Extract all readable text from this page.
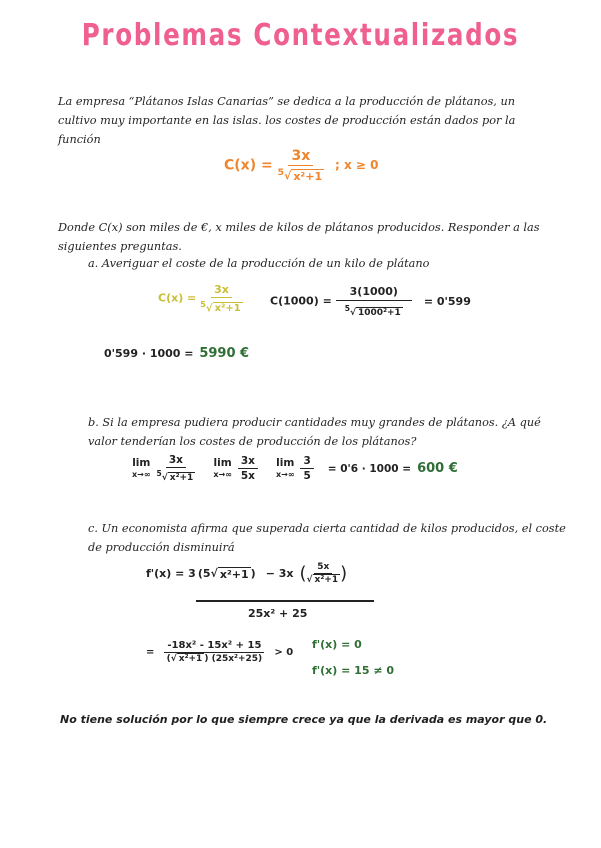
Problemas Contextualizados
La empresa “Plátanos Islas Canarias” se dedica a la producción de plátanos, un cultivo muy importante en las islas. los costes de producción están dados por la función
$C(x) = \frac{3x}{^5√ x^2+1}$ ; x ≥ 0
Donde C(x) son miles de €, x miles de kilos de plátanos producidos. Responder a las siguientes preguntas.
a. Averiguar el coste de la producción de un kilo de plátano
$C(x) = \frac{3x}{^5√ x^2+1} C(1000) = \frac{3(1000)}{^5√ 1000^2+1} = 0'599$
0'599 · 1000 = 5990 €
b. Si la empresa pudiera producir cantidades muy grandes de plátanos. ¿A qué valor tenderían los costes de producción de los plátanos?
lim
$x\to\infty \frac{3x}{^5√ x^2+1}$ lim
$x\to\infty \frac{3x}{5x}$ lim
$x\to\infty \frac{3}{5} = 0'6 \cdot 1000 = 600$ €
c. Un economista afirma que superada cierta cantidad de kilos producidos, el coste de producción disminuirá
f'(x) = 3 (5 √ x²+1 ) − 3x ( $\frac{5x}{\text{√ x²+1}}$ )
25x² + 25
= $\frac{\text{-18x² - 15x² + 15}}{\text{(√ x²+1 ) (25x²+25)}} > 0$
f'(x) = 0
f'(x) = 15 ≠ 0
No tiene solución por lo que siempre crece ya que la derivada es mayor que 0.
